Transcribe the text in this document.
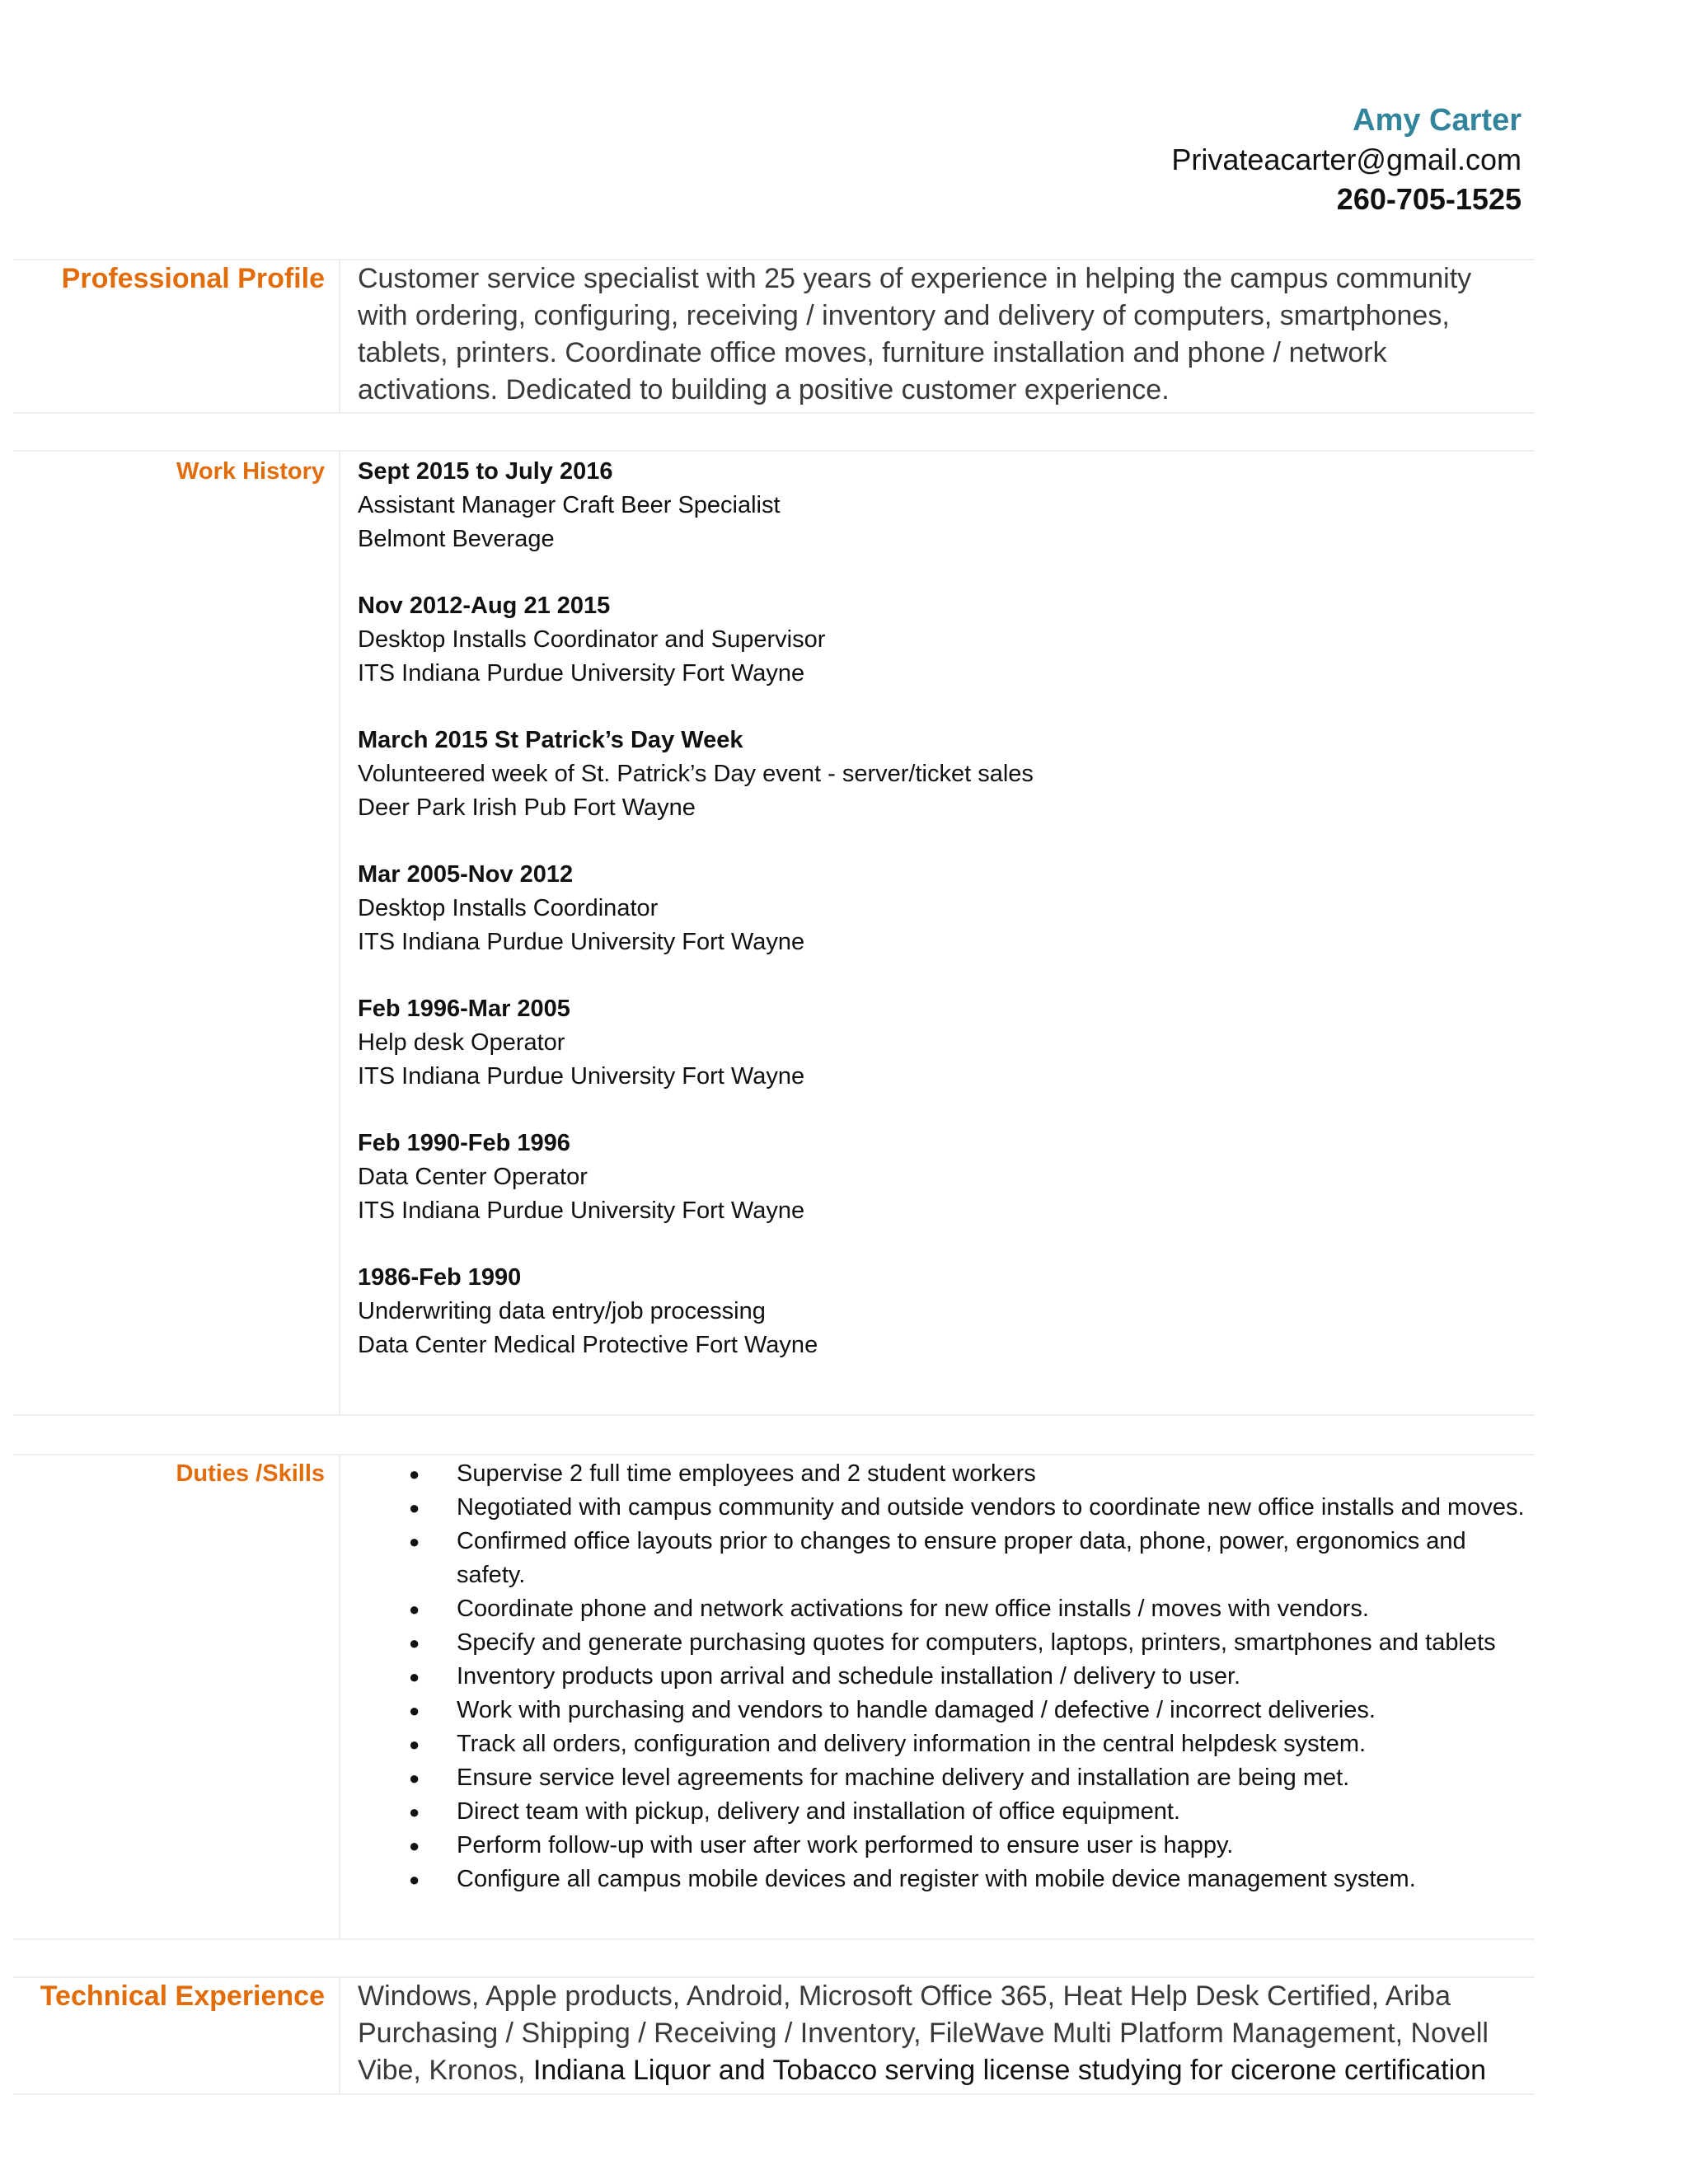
Amy Carter
Privateacarter@gmail.com
260-705-1525
Professional Profile Customer service specialist with 25 years of experience in helping the campus community with ordering, configuring, receiving / inventory and delivery of computers, smartphones, tablets, printers. Coordinate office moves, furniture installation and phone / network activations. Dedicated to building a positive customer experience.
Work History Sept 2015 to July 2016
Assistant Manager Craft Beer Specialist
Belmont Beverage
Nov 2012-Aug 21 2015
Desktop Installs Coordinator and Supervisor
ITS Indiana Purdue University Fort Wayne
March 2015 St Patrick’s Day Week
Volunteered week of St. Patrick’s Day event - server/ticket sales
Deer Park Irish Pub Fort Wayne
Mar 2005-Nov 2012
Desktop Installs Coordinator
ITS Indiana Purdue University Fort Wayne
Feb 1996-Mar 2005
Help desk Operator
ITS Indiana Purdue University Fort Wayne
Feb 1990-Feb 1996
Data Center Operator
ITS Indiana Purdue University Fort Wayne
1986-Feb 1990
Underwriting data entry/job processing
Data Center Medical Protective Fort Wayne
Duties /Skills	● Supervise 2 full time employees and 2 student workers
● Negotiated with campus community and outside vendors to coordinate new office installs and moves.
● Confirmed office layouts prior to changes to ensure proper data, phone, power, ergonomics and safety.
● Coordinate phone and network activations for new office installs / moves with vendors.
● Specify and generate purchasing quotes for computers, laptops, printers, smartphones and tablets
● Inventory products upon arrival and schedule installation / delivery to user.
● Work with purchasing and vendors to handle damaged / defective / incorrect deliveries.
● Track all orders, configuration and delivery information in the central helpdesk system.
● Ensure service level agreements for machine delivery and installation are being met.
● Direct team with pickup, delivery and installation of office equipment.
● Perform follow-up with user after work performed to ensure user is happy.
● Configure all campus mobile devices and register with mobile device management system.
Technical Experience Windows, Apple products, Android, Microsoft Office 365, Heat Help Desk Certified, Ariba Purchasing / Shipping / Receiving / Inventory, FileWave Multi Platform Management, Novell Vibe, Kronos, Indiana Liquor and Tobacco serving license studying for cicerone certification
